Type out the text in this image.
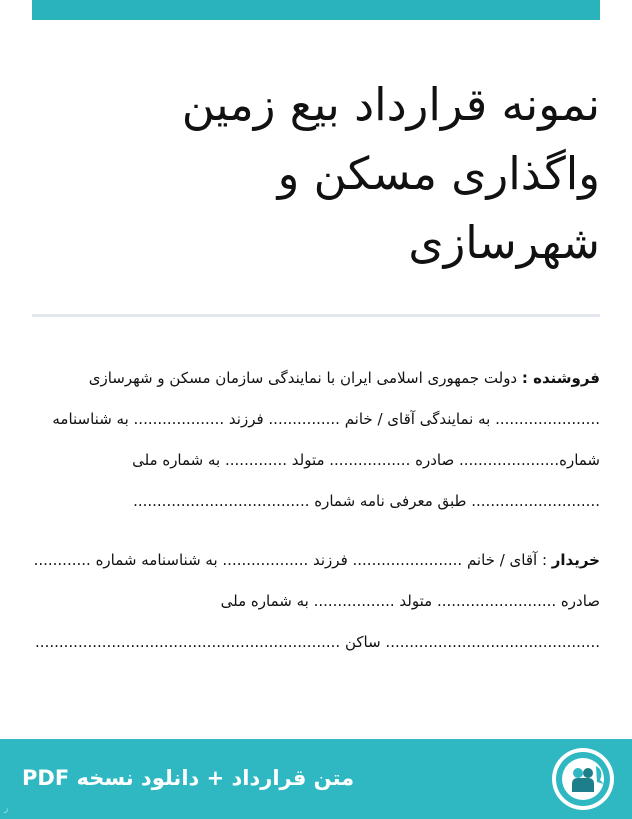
نمونه قرارداد بیع زمین
واگذاری مسکن و
شهرسازی

فروشنده : دولت جمهوری اسلامی ایران با نمایندگی سازمان مسکن و شهرسازی ...................... به نمایندگی آقای / خانم ............... فرزند ................... به شناسنامه شماره..................... صادره ................. متولد ............. به شماره ملی ........................... طبق معرفی نامه شماره .....................................

خریدار : آقای / خانم ....................... فرزند .................. به شناسنامه شماره ............ صادره ......................... متولد ................. به شماره ملی ............................................. ساکن ................................................................

متن قرارداد + دانلود نسخه PDF
ر
